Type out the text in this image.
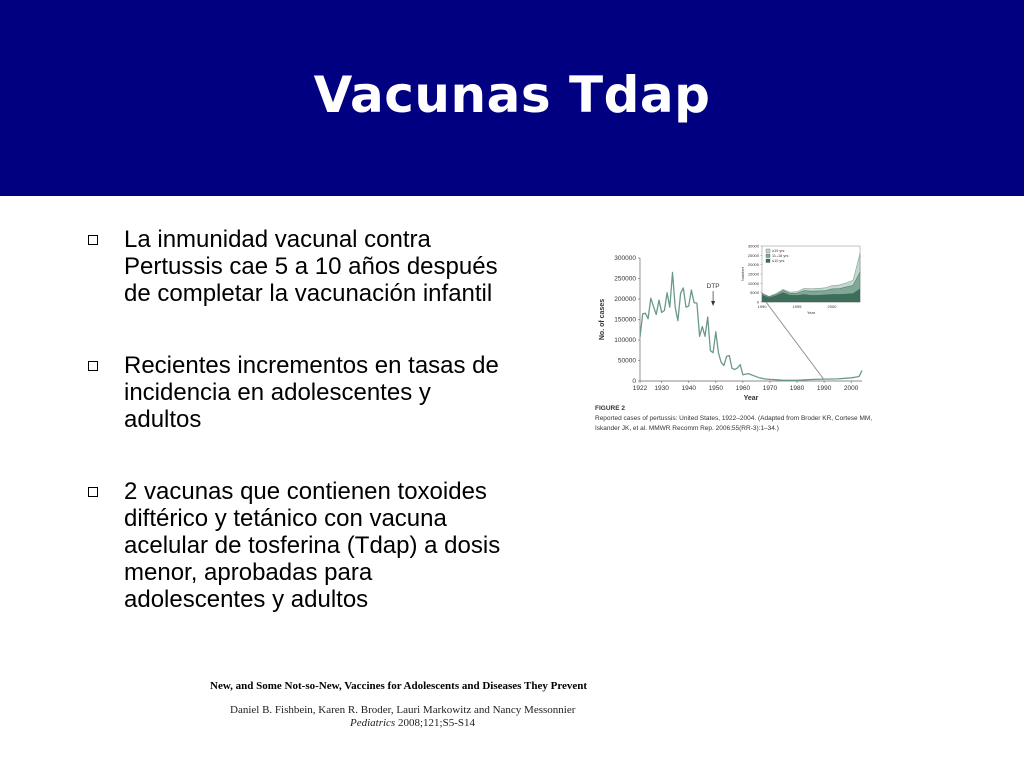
Vacunas Tdap
La inmunidad vacunal contra Pertussis cae 5 a 10 años después de completar la vacunación infantil
Recientes incrementos en tasas de incidencia en adolescentes y adultos
2 vacunas que contienen toxoides diftérico y tetánico con vacuna acelular de tosferina (Tdap) a dosis menor, aprobadas para adolescentes y adultos
0
50000
100000
150000
200000
250000
300000
1922 1930 1940 1950 1960 1970 1980 1990 2000
Year
No. of cases
DTP
0
5000
10000
15000
20000
25000
30000
1990	1995	2000
Year
Number
≥19 yrs
11–18 yrs
≤10 yrs
FIGURE 2
Reported cases of pertussis: United States, 1922–2004. (Adapted from Broder KR, Cortese MM, Iskander JK, et al. MMWR Recomm Rep. 2006;55(RR-3):1–34.)
New, and Some Not-so-New, Vaccines for Adolescents and Diseases They Prevent
Daniel B. Fishbein, Karen R. Broder, Lauri Markowitz and Nancy Messonnier
Pediatrics 2008;121;S5-S14
